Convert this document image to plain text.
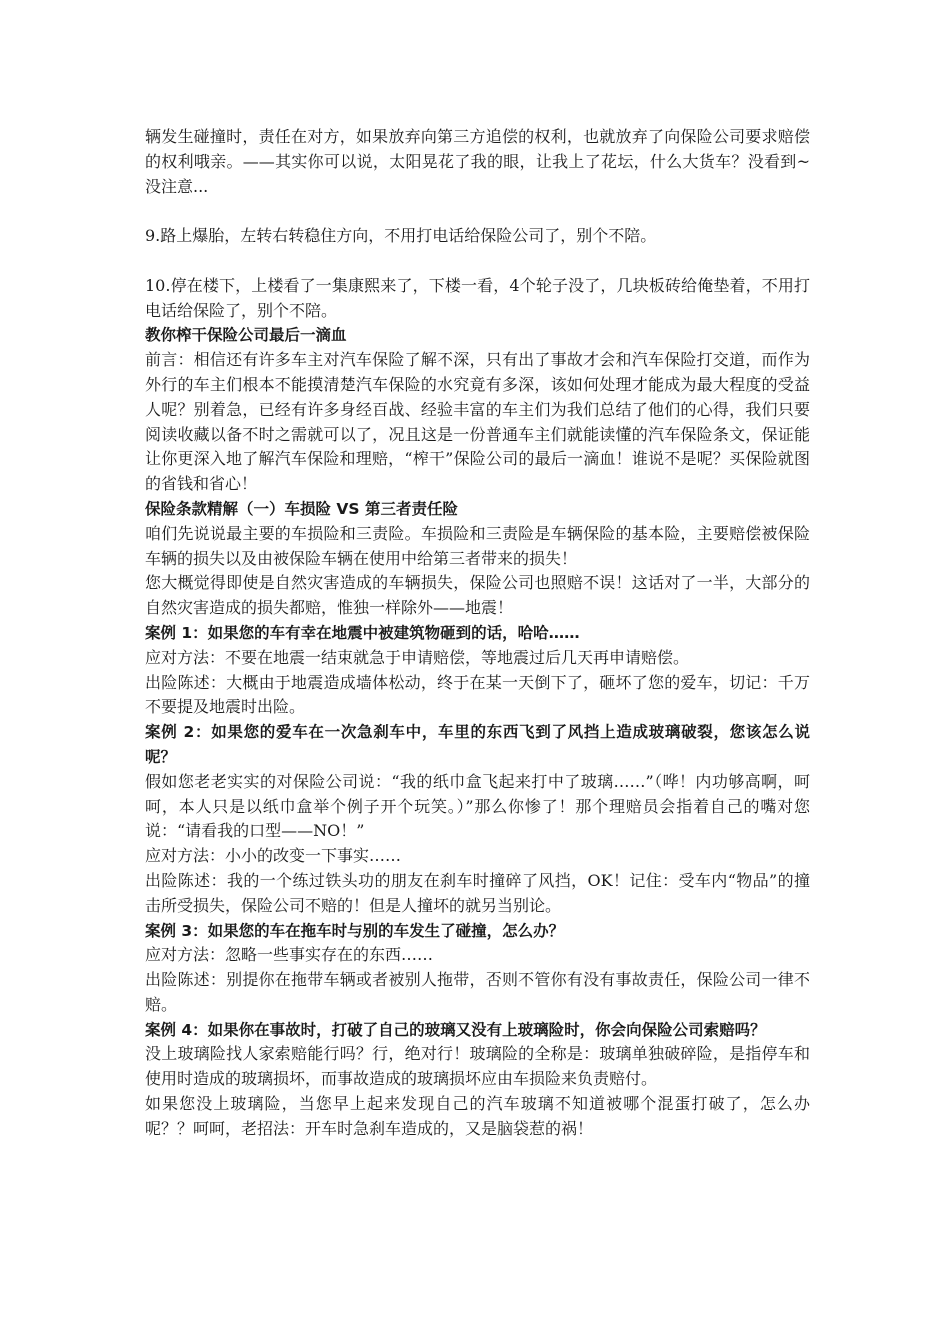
辆发生碰撞时，责任在对方，如果放弃向第三方追偿的权利，也就放弃了向保险公司要求赔偿的权利哦亲。——其实你可以说，太阳晃花了我的眼，让我上了花坛，什么大货车？没看到~没注意...

9.路上爆胎，左转右转稳住方向，不用打电话给保险公司了，别个不陪。

10.停在楼下，上楼看了一集康熙来了，下楼一看，4个轮子没了，几块板砖给俺垫着，不用打电话给保险了，别个不陪。

教你榨干保险公司最后一滴血

前言：相信还有许多车主对汽车保险了解不深，只有出了事故才会和汽车保险打交道，而作为外行的车主们根本不能摸清楚汽车保险的水究竟有多深，该如何处理才能成为最大程度的受益人呢？别着急，已经有许多身经百战、经验丰富的车主们为我们总结了他们的心得，我们只要阅读收藏以备不时之需就可以了，况且这是一份普通车主们就能读懂的汽车保险条文，保证能让你更深入地了解汽车保险和理赔，“榨干”保险公司的最后一滴血！谁说不是呢？买保险就图的省钱和省心！

保险条款精解（一）车损险 VS 第三者责任险

咱们先说说最主要的车损险和三责险。车损险和三责险是车辆保险的基本险，主要赔偿被保险车辆的损失以及由被保险车辆在使用中给第三者带来的损失！

您大概觉得即使是自然灾害造成的车辆损失，保险公司也照赔不误！这话对了一半，大部分的自然灾害造成的损失都赔，惟独一样除外——地震！

案例 1：如果您的车有幸在地震中被建筑物砸到的话，哈哈……

应对方法：不要在地震一结束就急于申请赔偿，等地震过后几天再申请赔偿。

出险陈述：大概由于地震造成墙体松动，终于在某一天倒下了，砸坏了您的爱车，切记：千万不要提及地震时出险。

案例 2：如果您的爱车在一次急刹车中，车里的东西飞到了风挡上造成玻璃破裂，您该怎么说呢？

假如您老老实实的对保险公司说：“我的纸巾盒飞起来打中了玻璃……”（哗！内功够高啊，呵呵，本人只是以纸巾盒举个例子开个玩笑。）”那么你惨了！那个理赔员会指着自己的嘴对您说：“请看我的口型——NO！”

应对方法：小小的改变一下事实……

出险陈述：我的一个练过铁头功的朋友在刹车时撞碎了风挡，OK！记住：受车内“物品”的撞击所受损失，保险公司不赔的！但是人撞坏的就另当别论。

案例 3：如果您的车在拖车时与别的车发生了碰撞，怎么办？

应对方法：忽略一些事实存在的东西……

出险陈述：别提你在拖带车辆或者被别人拖带，否则不管你有没有事故责任，保险公司一律不赔。

案例 4：如果你在事故时，打破了自己的玻璃又没有上玻璃险时，你会向保险公司索赔吗？

没上玻璃险找人家索赔能行吗？行，绝对行！玻璃险的全称是：玻璃单独破碎险，是指停车和使用时造成的玻璃损坏，而事故造成的玻璃损坏应由车损险来负责赔付。

如果您没上玻璃险，当您早上起来发现自己的汽车玻璃不知道被哪个混蛋打破了，怎么办呢？？呵呵，老招法：开车时急刹车造成的，又是脑袋惹的祸！
